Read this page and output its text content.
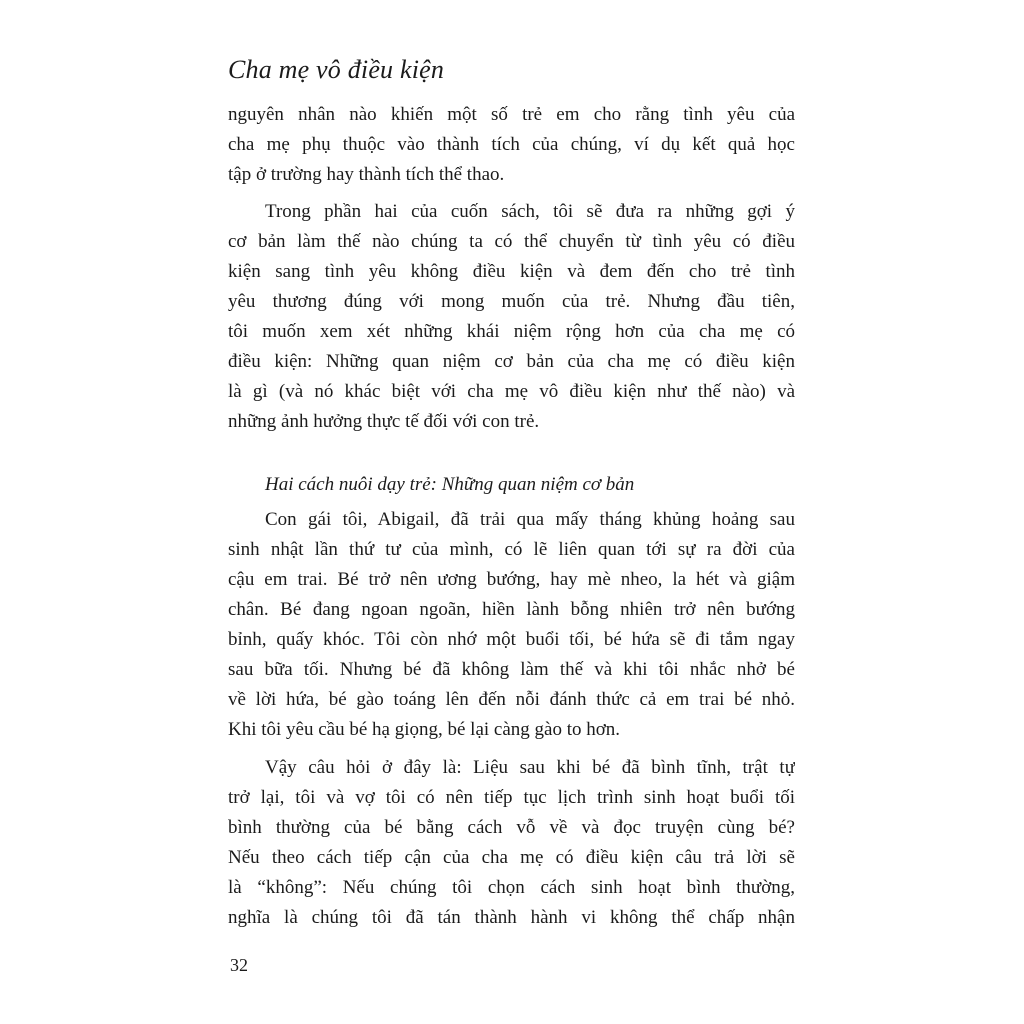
Cha mẹ vô điều kiện
nguyên nhân nào khiến một số trẻ em cho rằng tình yêu của
cha mẹ phụ thuộc vào thành tích của chúng, ví dụ kết quả học
tập ở trường hay thành tích thể thao.
Trong phần hai của cuốn sách, tôi sẽ đưa ra những gợi ý
cơ bản làm thế nào chúng ta có thể chuyển từ tình yêu có điều
kiện sang tình yêu không điều kiện và đem đến cho trẻ tình
yêu thương đúng với mong muốn của trẻ. Nhưng đầu tiên,
tôi muốn xem xét những khái niệm rộng hơn của cha mẹ có
điều kiện: Những quan niệm cơ bản của cha mẹ có điều kiện
là gì (và nó khác biệt với cha mẹ vô điều kiện như thế nào) và
những ảnh hưởng thực tế đối với con trẻ.
Hai cách nuôi dạy trẻ: Những quan niệm cơ bản
Con gái tôi, Abigail, đã trải qua mấy tháng khủng hoảng sau
sinh nhật lần thứ tư của mình, có lẽ liên quan tới sự ra đời của
cậu em trai. Bé trở nên ương bướng, hay mè nheo, la hét và giậm
chân. Bé đang ngoan ngoãn, hiền lành bỗng nhiên trở nên bướng
bỉnh, quấy khóc. Tôi còn nhớ một buổi tối, bé hứa sẽ đi tắm ngay
sau bữa tối. Nhưng bé đã không làm thế và khi tôi nhắc nhở bé
về lời hứa, bé gào toáng lên đến nỗi đánh thức cả em trai bé nhỏ.
Khi tôi yêu cầu bé hạ giọng, bé lại càng gào to hơn.
Vậy câu hỏi ở đây là: Liệu sau khi bé đã bình tĩnh, trật tự
trở lại, tôi và vợ tôi có nên tiếp tục lịch trình sinh hoạt buổi tối
bình thường của bé bằng cách vỗ về và đọc truyện cùng bé?
Nếu theo cách tiếp cận của cha mẹ có điều kiện câu trả lời sẽ
là “không”: Nếu chúng tôi chọn cách sinh hoạt bình thường,
nghĩa là chúng tôi đã tán thành hành vi không thể chấp nhận
32
